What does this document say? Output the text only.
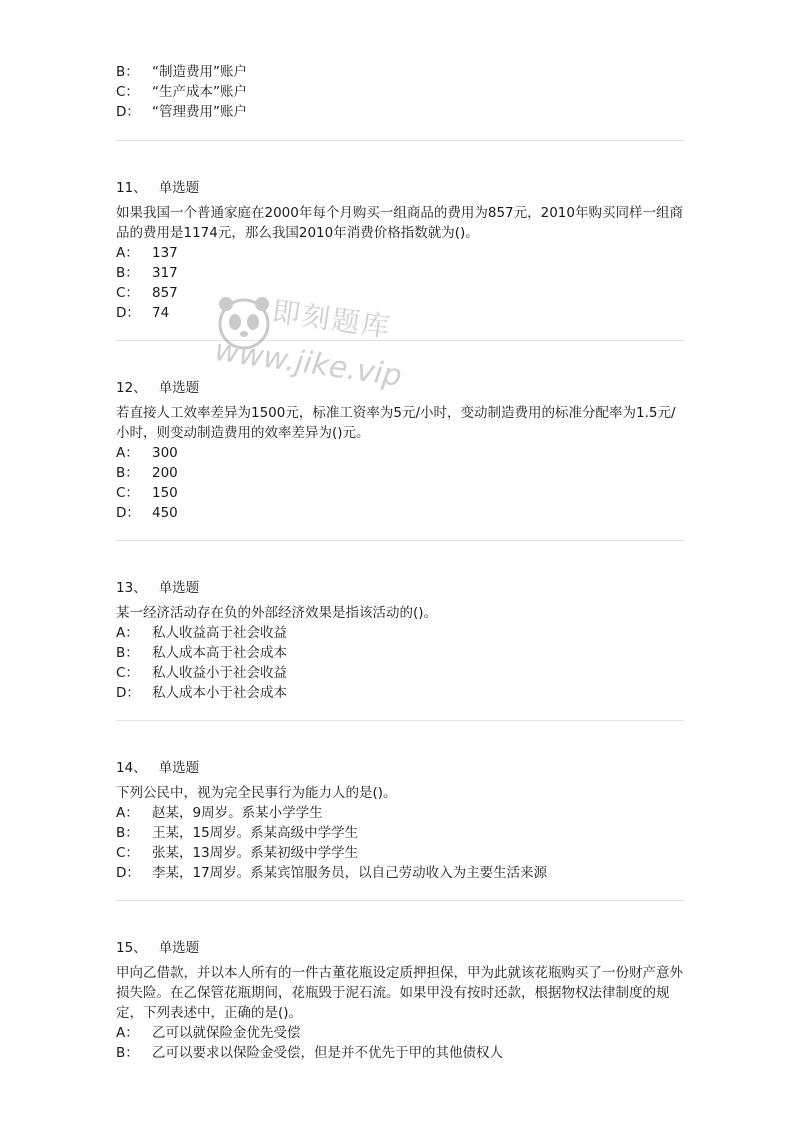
B： “制造费用”账户
C： “生产成本”账户
D： “管理费用”账户
11、 单选题
如果我国一个普通家庭在2000年每个月购买一组商品的费用为857元，2010年购买同样一组商品的费用是1174元，那么我国2010年消费价格指数就为()。
A： 137
B： 317
C： 857
D： 74
12、 单选题
若直接人工效率差异为1500元，标准工资率为5元/小时，变动制造费用的标准分配率为1.5元/小时，则变动制造费用的效率差异为()元。
A： 300
B： 200
C： 150
D： 450
13、 单选题
某一经济活动存在负的外部经济效果是指该活动的()。
A： 私人收益高于社会收益
B： 私人成本高于社会成本
C： 私人收益小于社会收益
D： 私人成本小于社会成本
14、 单选题
下列公民中，视为完全民事行为能力人的是()。
A： 赵某，9周岁。系某小学学生
B： 王某，15周岁。系某高级中学学生
C： 张某，13周岁。系某初级中学学生
D： 李某，17周岁。系某宾馆服务员，以自己劳动收入为主要生活来源
15、 单选题
甲向乙借款，并以本人所有的一件古董花瓶设定质押担保，甲为此就该花瓶购买了一份财产意外损失险。在乙保管花瓶期间，花瓶毁于泥石流。如果甲没有按时还款，根据物权法律制度的规定，下列表述中，正确的是()。
A： 乙可以就保险金优先受偿
B： 乙可以要求以保险金受偿，但是并不优先于甲的其他债权人
即刻题库
www.jike.vip
